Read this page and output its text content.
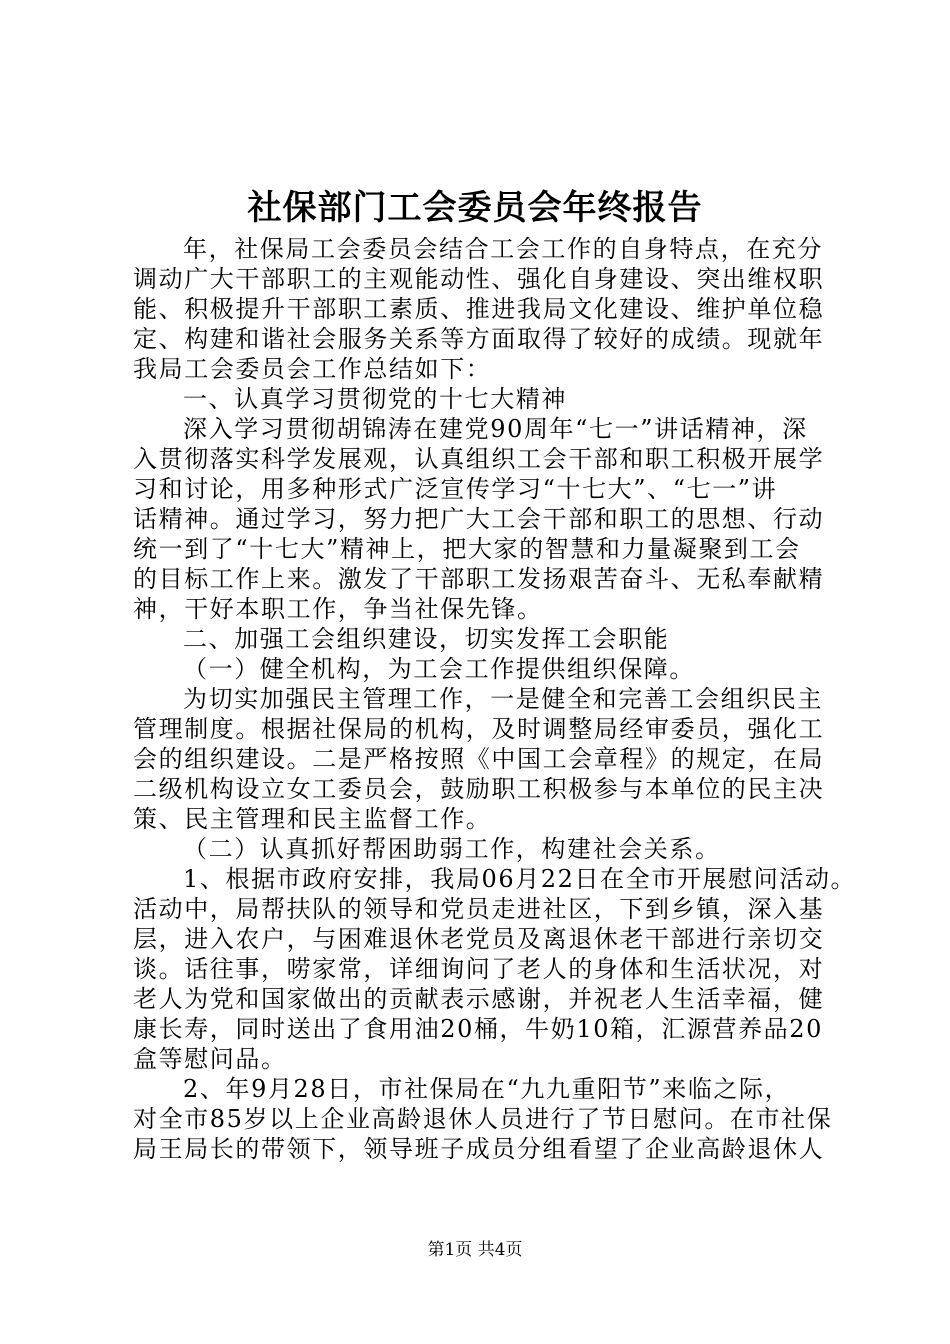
社保部门工会委员会年终报告
年，社保局工会委员会结合工会工作的自身特点，在充分
调动广大干部职工的主观能动性、强化自身建设、突出维权职
能、积极提升干部职工素质、推进我局文化建设、维护单位稳
定、构建和谐社会服务关系等方面取得了较好的成绩。现就年
我局工会委员会工作总结如下：
一、认真学习贯彻党的十七大精神
深入学习贯彻胡锦涛在建党90周年“七一”讲话精神，深
入贯彻落实科学发展观，认真组织工会干部和职工积极开展学
习和讨论，用多种形式广泛宣传学习“十七大”、“七一”讲
话精神。通过学习，努力把广大工会干部和职工的思想、行动
统一到了“十七大”精神上，把大家的智慧和力量凝聚到工会
的目标工作上来。激发了干部职工发扬艰苦奋斗、无私奉献精
神，干好本职工作，争当社保先锋。
二、加强工会组织建设，切实发挥工会职能
（一）健全机构，为工会工作提供组织保障。
为切实加强民主管理工作，一是健全和完善工会组织民主
管理制度。根据社保局的机构，及时调整局经审委员，强化工
会的组织建设。二是严格按照《中国工会章程》的规定，在局
二级机构设立女工委员会，鼓励职工积极参与本单位的民主决
策、民主管理和民主监督工作。
（二）认真抓好帮困助弱工作，构建社会关系。
1、根据市政府安排，我局06月22日在全市开展慰问活动。
活动中，局帮扶队的领导和党员走进社区，下到乡镇，深入基
层，进入农户，与困难退休老党员及离退休老干部进行亲切交
谈。话往事，唠家常，详细询问了老人的身体和生活状况，对
老人为党和国家做出的贡献表示感谢，并祝老人生活幸福，健
康长寿，同时送出了食用油20桶，牛奶10箱，汇源营养品20
盒等慰问品。
2、年9月28日，市社保局在“九九重阳节”来临之际，
对全市85岁以上企业高龄退休人员进行了节日慰问。在市社保
局王局长的带领下，领导班子成员分组看望了企业高龄退休人
第1页 共4页
